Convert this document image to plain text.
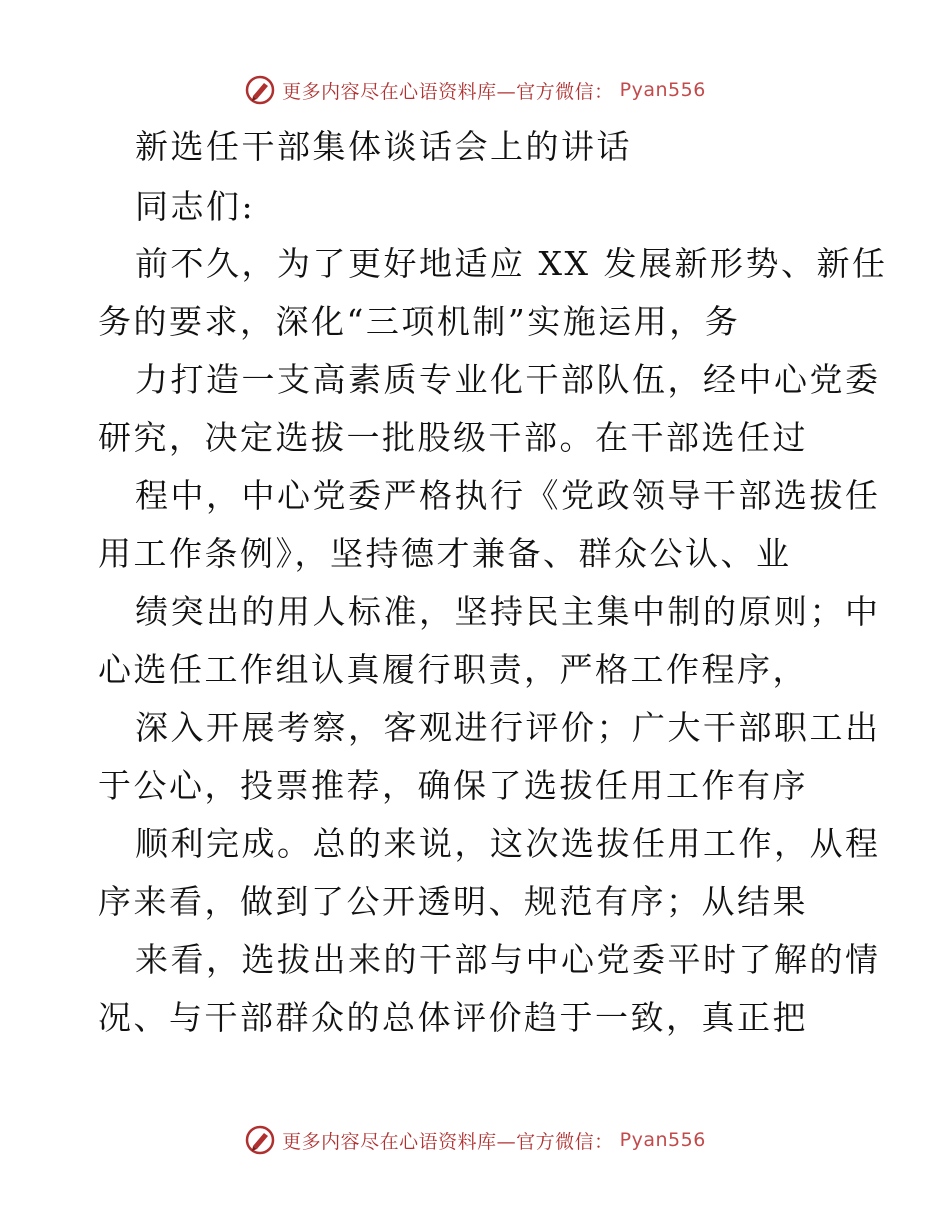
更多内容尽在心语资料库—官方微信： Pyan556
新选任干部集体谈话会上的讲话
同志们:
前不久，为了更好地适应 XX 发展新形势、新任
务的要求，深化“三项机制”实施运用，务
力打造一支高素质专业化干部队伍，经中心党委
研究，决定选拔一批股级干部。在干部选任过
程中，中心党委严格执行《党政领导干部选拔任
用工作条例》，坚持德才兼备、群众公认、业
绩突出的用人标准，坚持民主集中制的原则；中
心选任工作组认真履行职责，严格工作程序，
深入开展考察，客观进行评价；广大干部职工出
于公心，投票推荐，确保了选拔任用工作有序
顺利完成。总的来说，这次选拔任用工作，从程
序来看，做到了公开透明、规范有序；从结果
来看，选拔出来的干部与中心党委平时了解的情
况、与干部群众的总体评价趋于一致，真正把
更多内容尽在心语资料库—官方微信： Pyan556
